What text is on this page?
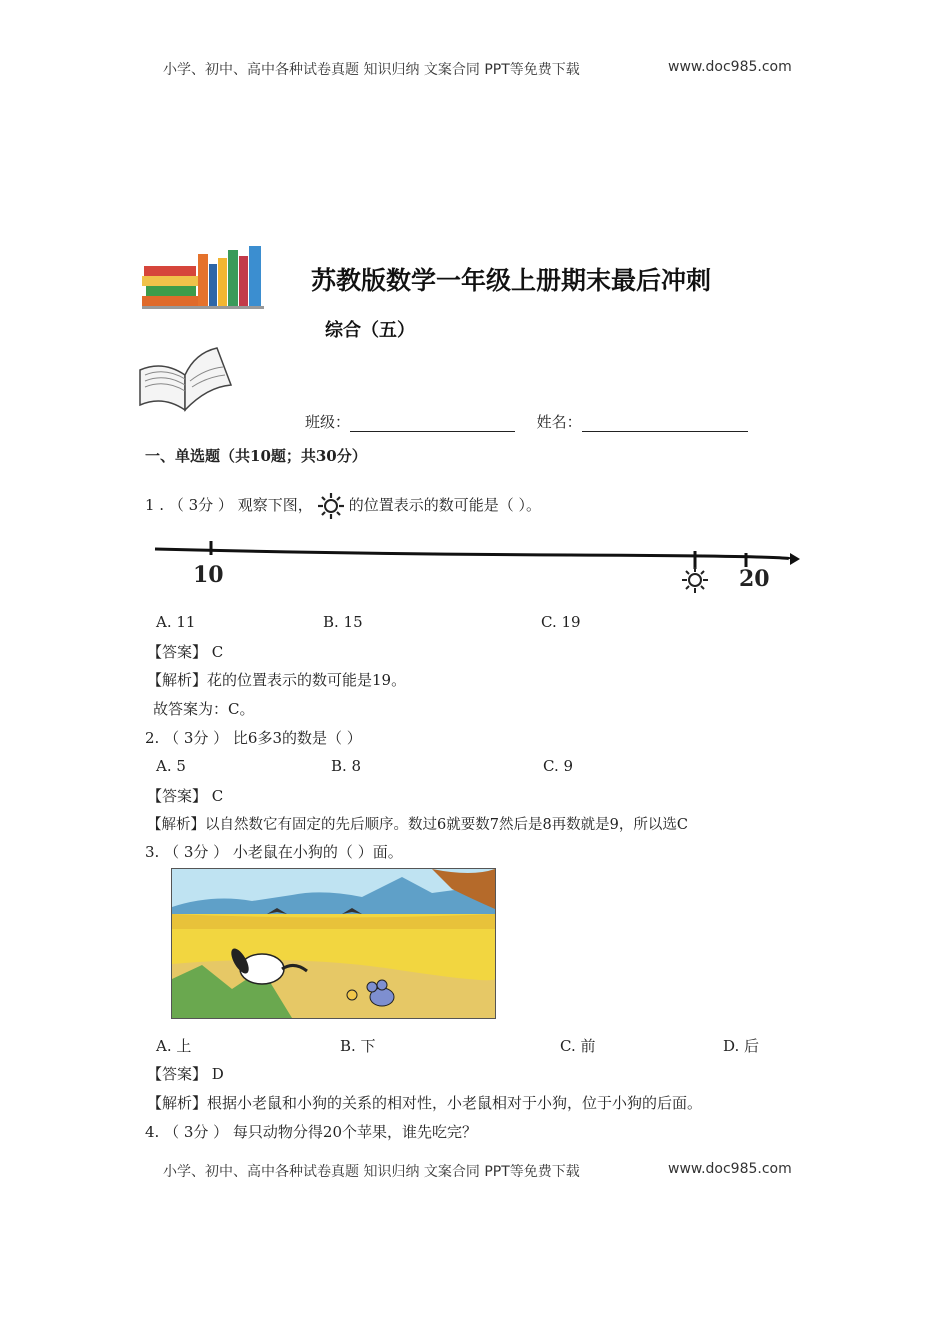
小学、初中、高中各种试卷真题 知识归纳 文案合同 PPT等免费下载	www.doc985.com
苏教版数学一年级上册期末最后冲刺
综合（五）
班级：	姓名：
一、单选题（共10题；共30分）
1 . （ 3分 ） 观察下图， 的位置表示的数可能是（ ）。
10	20
A. 11	B. 15	C. 19
【答案】 C
【解析】花的位置表示的数可能是19。
故答案为：C。
2. （ 3分 ） 比6多3的数是（ ）
A. 5	B. 8	C. 9
【答案】 C
【解析】以自然数它有固定的先后顺序。数过6就要数7然后是8再数就是9，所以选C
3. （ 3分 ） 小老鼠在小狗的（ ）面。
A. 上	B. 下	C. 前	D. 后
【答案】 D
【解析】根据小老鼠和小狗的关系的相对性，小老鼠相对于小狗，位于小狗的后面。
4. （ 3分 ） 每只动物分得20个苹果，谁先吃完？
小学、初中、高中各种试卷真题 知识归纳 文案合同 PPT等免费下载	www.doc985.com
